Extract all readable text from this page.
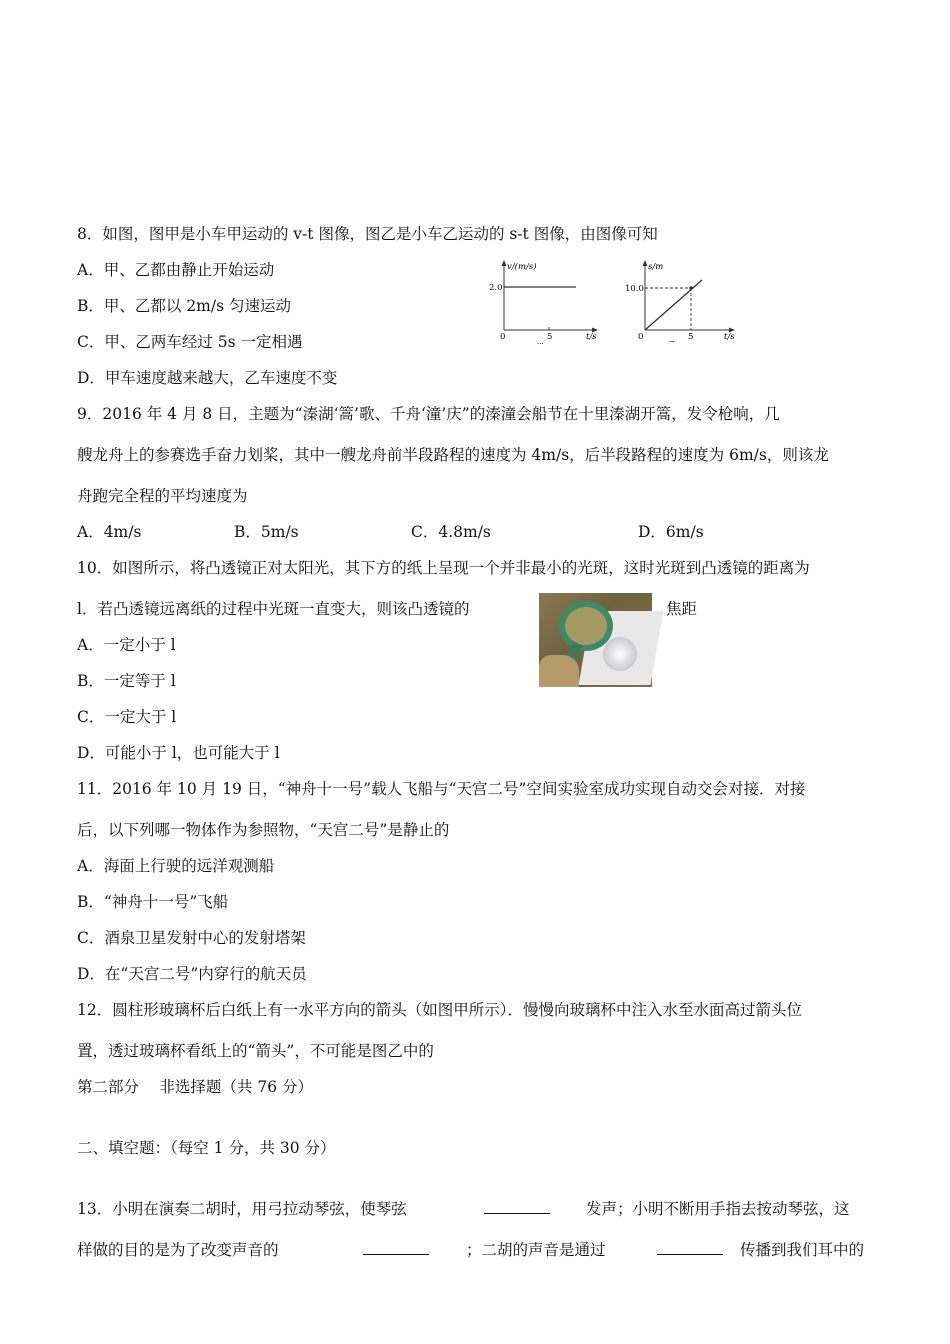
8．如图，图甲是小车甲运动的 v-t 图像，图乙是小车乙运动的 s-t 图像，由图像可知
A．甲、乙都由静止开始运动
B．甲、乙都以 2m/s 匀速运动
C．甲、乙两车经过 5s 一定相遇
D．甲车速度越来越大，乙车速度不变
v/(m/s)
2.0
0	5	t/s
...
s/m
10.0
0	5	t/s
→
9．2016 年 4 月 8 日，主题为“溱湖‘篙’歌、千舟‘潼’庆”的溱潼会船节在十里溱湖开篙，发令枪响，几
艘龙舟上的参赛选手奋力划桨，其中一艘龙舟前半段路程的速度为 4m/s，后半段路程的速度为 6m/s，则该龙
舟跑完全程的平均速度为
A．4m/s	B．5m/s	C．4.8m/s	D．6m/s
10．如图所示，将凸透镜正对太阳光，其下方的纸上呈现一个并非最小的光斑，这时光斑到凸透镜的距离为
l．若凸透镜远离纸的过程中光斑一直变大，则该凸透镜的	焦距
A．一定小于 l
B．一定等于 l
C．一定大于 l
D．可能小于 l，也可能大于 l
11．2016 年 10 月 19 日，“神舟十一号”载人飞船与“天宫二号”空间实验室成功实现自动交会对接．对接
后，以下列哪一物体作为参照物，“天宫二号”是静止的
A．海面上行驶的远洋观测船
B．“神舟十一号”飞船
C．酒泉卫星发射中心的发射塔架
D．在“天宫二号”内穿行的航天员
12．圆柱形玻璃杯后白纸上有一水平方向的箭头（如图甲所示）．慢慢向玻璃杯中注入水至水面高过箭头位
置，透过玻璃杯看纸上的“箭头”，不可能是图乙中的
第二部分　 非选择题（共 76 分）
二、填空题：（每空 1 分，共 30 分）
13．小明在演奏二胡时，用弓拉动琴弦，使琴弦	发声；小明不断用手指去按动琴弦，这
样做的目的是为了改变声音的	；二胡的声音是通过	传播到我们耳中的
